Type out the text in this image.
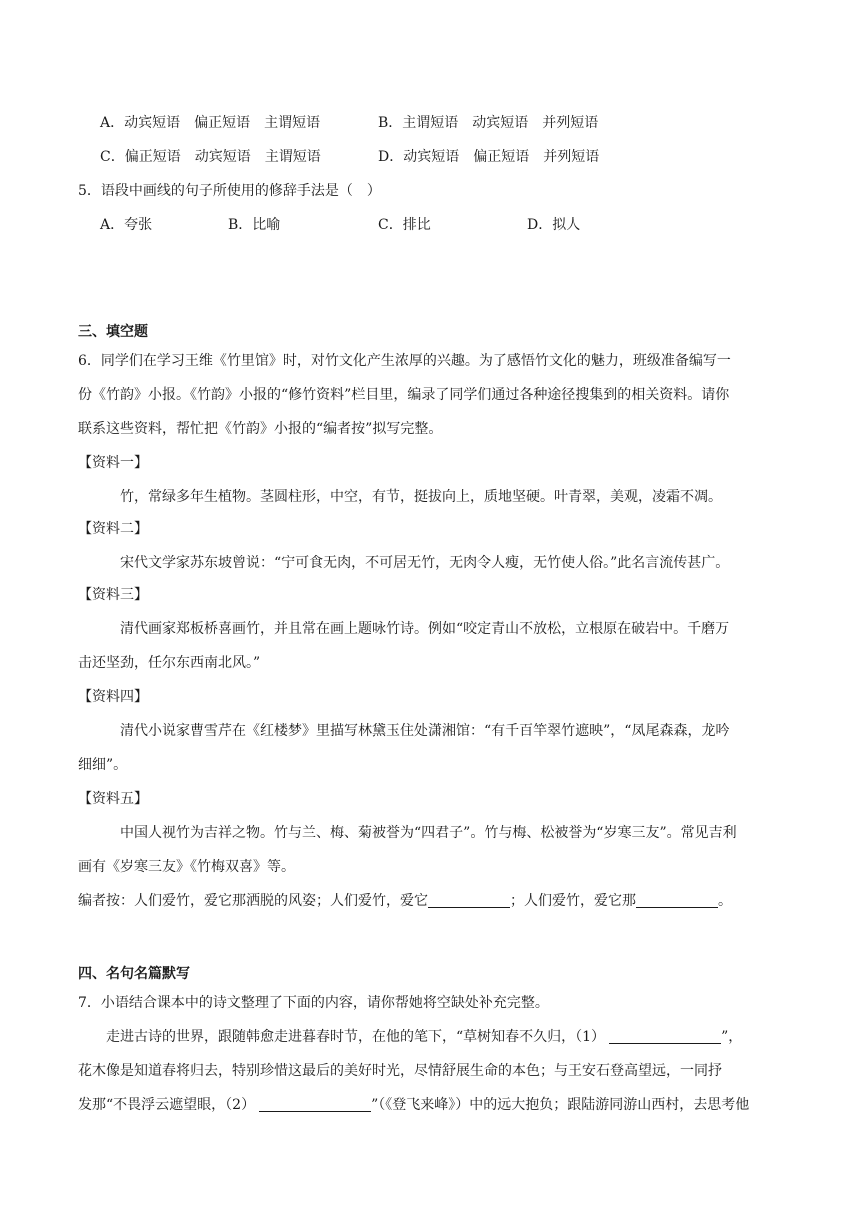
A．动宾短语　偏正短语　主谓短语	B．主谓短语　动宾短语　并列短语
C．偏正短语　动宾短语　主谓短语	D．动宾短语　偏正短语　并列短语
5．语段中画线的句子所使用的修辞手法是（　）
A．夸张	B．比喻	C．排比	D．拟人
三、填空题
6．同学们在学习王维《竹里馆》时，对竹文化产生浓厚的兴趣。为了感悟竹文化的魅力，班级准备编写一
份《竹韵》小报。《竹韵》小报的“修竹资料”栏目里，编录了同学们通过各种途径搜集到的相关资料。请你
联系这些资料，帮忙把《竹韵》小报的“编者按”拟写完整。
【资料一】
竹，常绿多年生植物。茎圆柱形，中空，有节，挺拔向上，质地坚硬。叶青翠，美观，凌霜不凋。
【资料二】
宋代文学家苏东坡曾说：“宁可食无肉，不可居无竹，无肉令人瘦，无竹使人俗。”此名言流传甚广。
【资料三】
清代画家郑板桥喜画竹，并且常在画上题咏竹诗。例如“咬定青山不放松，立根原在破岩中。千磨万
击还坚劲，任尔东西南北风。”
【资料四】
清代小说家曹雪芹在《红楼梦》里描写林黛玉住处潇湘馆：“有千百竿翠竹遮映”，“凤尾森森，龙吟
细细”。
【资料五】
中国人视竹为吉祥之物。竹与兰、梅、菊被誉为“四君子”。竹与梅、松被誉为“岁寒三友”。常见吉利
画有《岁寒三友》《竹梅双喜》等。
编者按：人们爱竹，爱它那洒脱的风姿；人们爱竹，爱它	；人们爱竹，爱它那	。
四、名句名篇默写
7．小语结合课本中的诗文整理了下面的内容，请你帮她将空缺处补充完整。
走进古诗的世界，跟随韩愈走进暮春时节，在他的笔下，“草树知春不久归，（1）	”，
花木像是知道春将归去，特别珍惜这最后的美好时光，尽情舒展生命的本色；与王安石登高望远，一同抒
发那“不畏浮云遮望眼，（2）	”（《登飞来峰》）中的远大抱负；跟陆游同游山西村，去思考他
